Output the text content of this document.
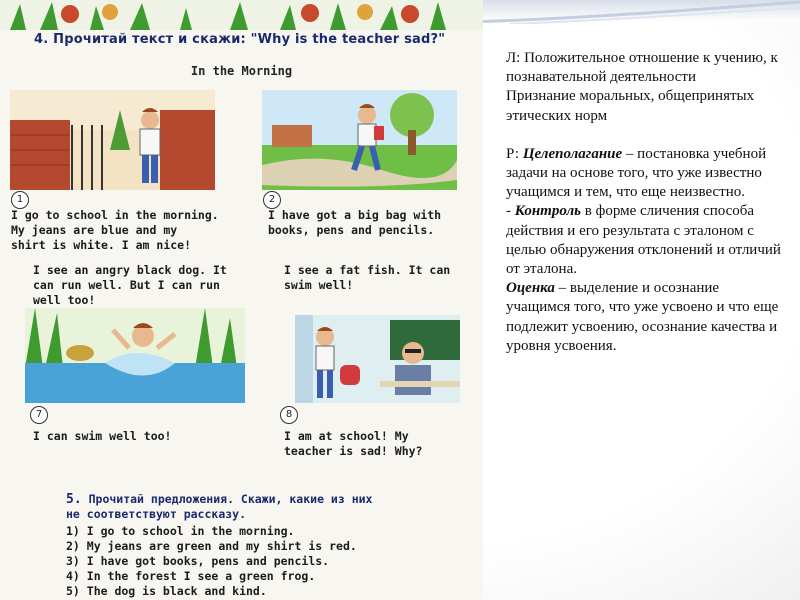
4. Прочитай текст и скажи: "Why is the teacher sad?"
In the Morning
1	2
I go to school in the morning.
My jeans are blue and my
shirt is white. I am nice!
I have got a big bag with
books, pens and pencils.
I see an angry black dog. It
can run well. But I can run
well too!
I see a fat fish. It can
swim well!
7	8
I can swim well too!	I am at school! My
teacher is sad! Why?
5. Прочитай предложения. Скажи, какие из них
не соответствуют рассказу.
1) I go to school in the morning.
2) My jeans are green and my shirt is red.
3) I have got books, pens and pencils.
4) In the forest I see a green frog.
5) The dog is black and kind.

Л: Положительное отношение к учению, к познавательной деятельности

Признание моральных, общепринятых этических норм

Р: Целеполагание – постановка учебной задачи на основе того, что уже известно учащимся и тем, что еще неизвестно.

- Контроль в форме сличения способа действия и его результата с эталоном с целью обнаружения отклонений и отличий от эталона.

Оценка – выделение и осознание учащимся того, что уже усвоено и что еще подлежит усвоению, осознание качества и уровня усвоения.
